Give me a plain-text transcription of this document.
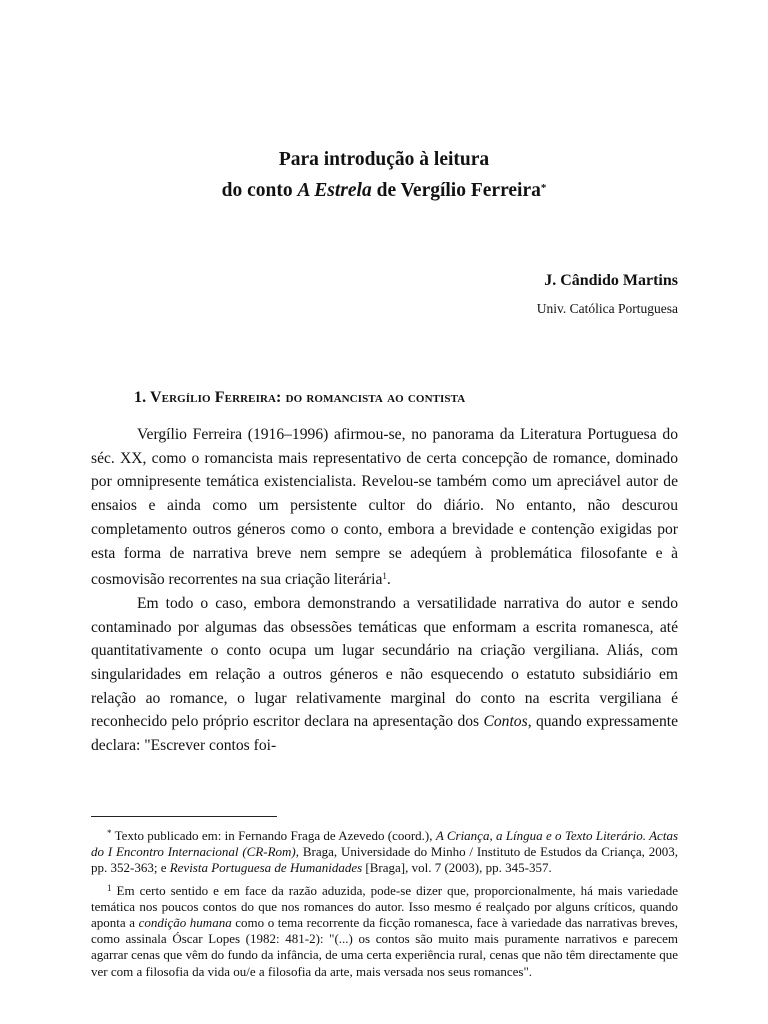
Para introdução à leitura
do conto A Estrela de Vergílio Ferreira*
J. Cândido Martins
Univ. Católica Portuguesa
1. Vergílio Ferreira: do romancista ao contista

Vergílio Ferreira (1916–1996) afirmou-se, no panorama da Literatura Portuguesa do séc. XX, como o romancista mais representativo de certa concepção de romance, dominado por omnipresente temática existencialista. Revelou-se também como um apreciável autor de ensaios e ainda como um persistente cultor do diário. No entanto, não descurou completamento outros géneros como o conto, embora a brevidade e contenção exigidas por esta forma de narrativa breve nem sempre se adeqúem à problemática filosofante e à cosmovisão recorrentes na sua criação literária$^1$.

Em todo o caso, embora demonstrando a versatilidade narrativa do autor e sendo contaminado por algumas das obsessões temáticas que enformam a escrita romanesca, até quantitativamente o conto ocupa um lugar secundário na criação vergiliana. Aliás, com singularidades em relação a outros géneros e não esquecendo o estatuto subsidiário em relação ao romance, o lugar relativamente marginal do conto na escrita vergiliana é reconhecido pelo próprio escritor declara na apresentação dos Contos, quando expressamente declara: "Escrever contos foi-

* Texto publicado em: in Fernando Fraga de Azevedo (coord.), A Criança, a Língua e o Texto Literário. Actas do I Encontro Internacional (CR-Rom), Braga, Universidade do Minho / Instituto de Estudos da Criança, 2003, pp. 352-363; e Revista Portuguesa de Humanidades [Braga], vol. 7 (2003), pp. 345-357.

$^1$ Em certo sentido e em face da razão aduzida, pode-se dizer que, proporcionalmente, há mais variedade temática nos poucos contos do que nos romances do autor. Isso mesmo é realçado por alguns críticos, quando aponta a condição humana como o tema recorrente da ficção romanesca, face à variedade das narrativas breves, como assinala Óscar Lopes (1982: 481-2): "(...) os contos são muito mais puramente narrativos e parecem agarrar cenas que vêm do fundo da infância, de uma certa experiência rural, cenas que não têm directamente que ver com a filosofia da vida ou/e a filosofia da arte, mais versada nos seus romances".
